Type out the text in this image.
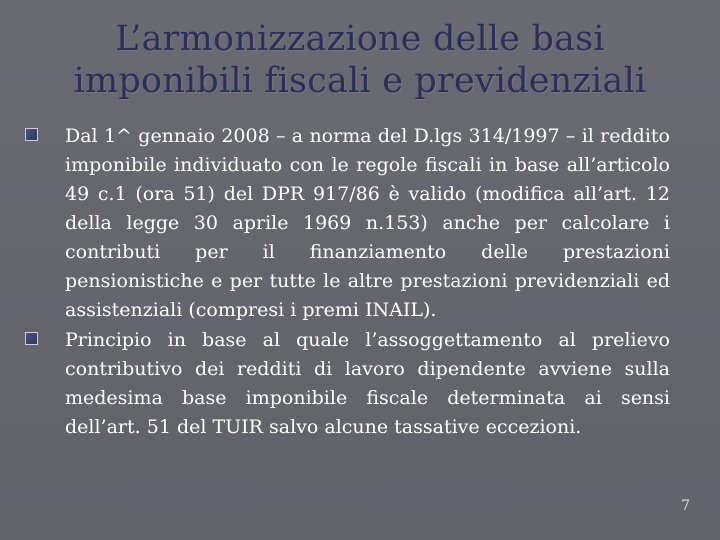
L’armonizzazione delle basi
imponibili fiscali e previdenziali
Dal 1^ gennaio 2008 – a norma del D.lgs 314/1997 – il reddito imponibile individuato con le regole fiscali in base all’articolo 49 c.1 (ora 51) del DPR 917/86 è valido (modifica all’art. 12 della legge 30 aprile 1969 n.153) anche per calcolare i contributi per il finanziamento delle prestazioni pensionistiche e per tutte le altre prestazioni previdenziali ed assistenziali (compresi i premi INAIL).
Principio in base al quale l’assoggettamento al prelievo contributivo dei redditi di lavoro dipendente avviene sulla medesima base imponibile fiscale determinata ai sensi dell’art. 51 del TUIR salvo alcune tassative eccezioni.
7
